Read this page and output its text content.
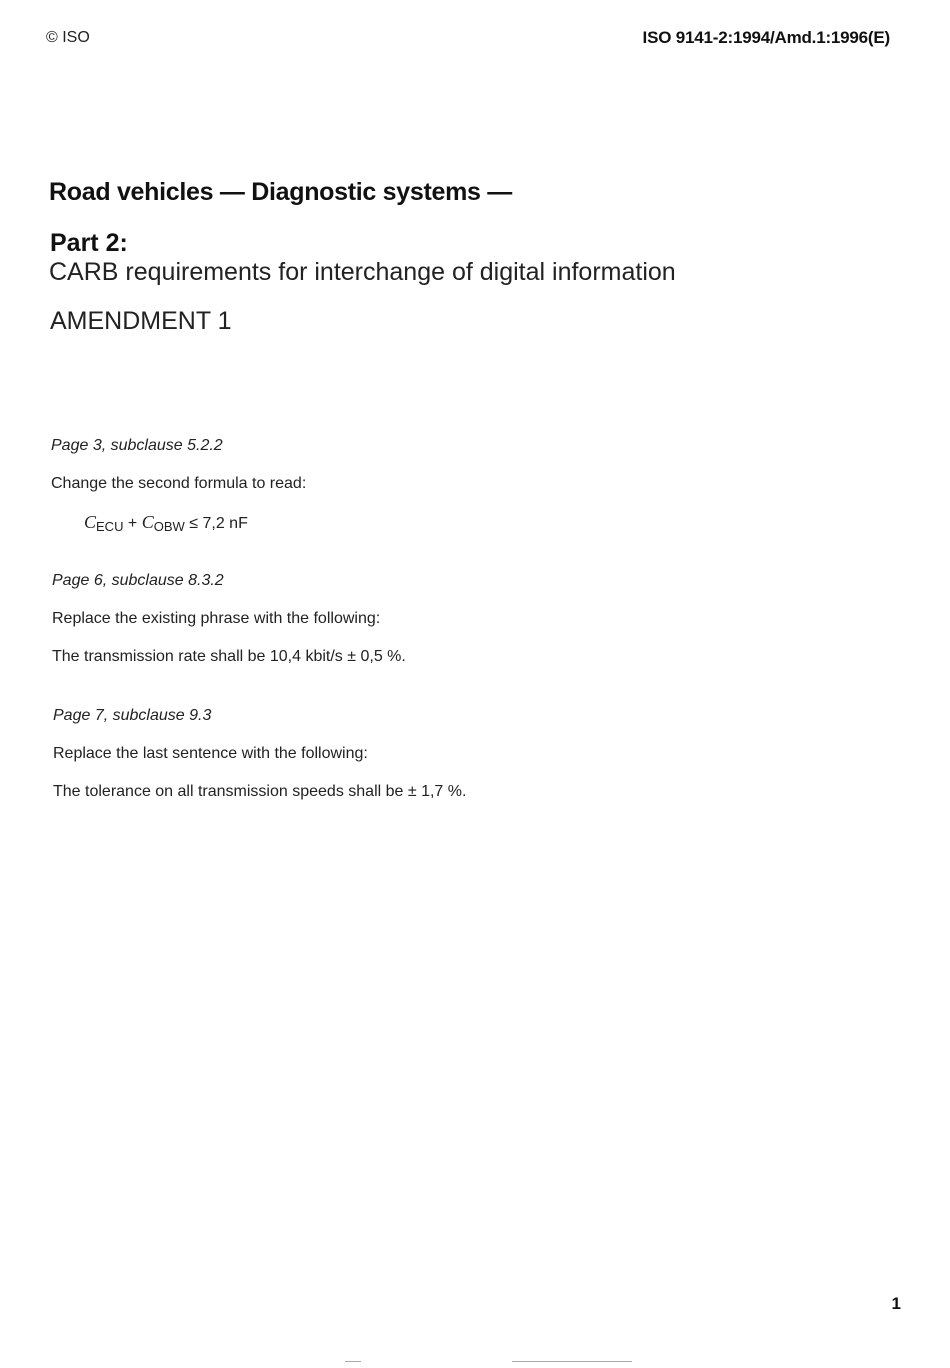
© ISO	ISO 9141-2:1994/Amd.1:1996(E)
Road vehicles — Diagnostic systems —
Part 2:
CARB requirements for interchange of digital information
AMENDMENT 1
Page 3, subclause 5.2.2
Change the second formula to read:
$C_{ECU} + C_{OBW} \le 7,2$ nF
Page 6, subclause 8.3.2
Replace the existing phrase with the following:
The transmission rate shall be 10,4 kbit/s ± 0,5 %.
Page 7, subclause 9.3
Replace the last sentence with the following:
The tolerance on all transmission speeds shall be ± 1,7 %.
1
